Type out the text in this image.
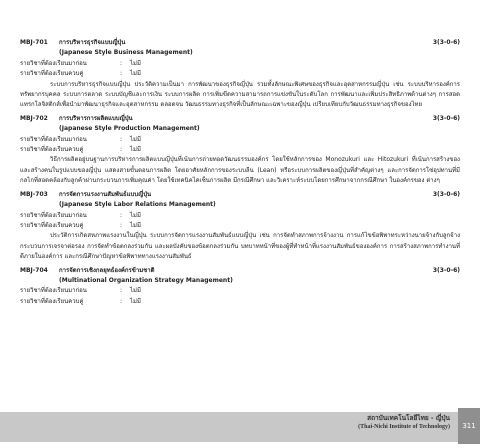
MBJ-701	การบริหารธุรกิจแบบญี่ปุ่น	3(3-0-6)
(Japanese Style Business Management)
รายวิชาที่ต้องเรียนมาก่อน	:	ไม่มี
รายวิชาที่ต้องเรียนควบคู่	:	ไม่มี
ระบบการบริหารธุรกิจแบบญี่ปุ่น ประวัติความเป็นมา การพัฒนาของธุรกิจญี่ปุ่น รวมทั้งลักษณะพิเศษของธุรกิจและอุตสาหกรรมญี่ปุ่น เช่น ระบบบริหารองค์การ ทรัพยากรบุคคล ระบบการตลาด ระบบบัญชีและการเงิน ระบบการผลิต การเพิ่มขีดความสามารถการแข่งขันในระดับโลก การพัฒนาและเพิ่มประสิทธิภาพด้านต่างๆ การสอดแทรกโลจิสติกส์เพื่อนำมาพัฒนาธุรกิจและอุตสาหกรรม ตลอดจน วัฒนธรรมทางธุรกิจที่เป็นลักษณะเฉพาะของญี่ปุ่น เปรียบเทียบกับวัฒนธรรมทางธุรกิจของไทย
MBJ-702	การบริหารการผลิตแบบญี่ปุ่น	3(3-0-6)
(Japanese Style Production Management)
รายวิชาที่ต้องเรียนมาก่อน	:	ไม่มี
รายวิชาที่ต้องเรียนควบคู่	:	ไม่มี
วิธีการผลิตอยู่บนฐานการบริหารการผลิตแบบญี่ปุ่นที่เน้นการถ่ายทอดวัฒนธรรมองค์กร โดยใช้หลักการของ Monozukuri และ Hitozukuri ที่เน้นการสร้างของ และสร้างคนในรูปแบบของญี่ปุ่น แสดงสายขั้นตอนการผลิต โดยอาศัยหลักการของระบบลีน (Lean) หรือระบบการผลิตของญี่ปุ่นที่สำคัญต่างๆ และการจัดการโซ่อุปทานที่มีกลไกที่สอดคล้องกับลูกค้าผ่านกระบวนการเพิ่มคุณค่า โดยใช้เทคนิคไคเซ็นการผลิต มีกรณีศึกษา และวิเคราะห์ระบบโดยการศึกษาจากกรณีศึกษา ในองค์กรของ ต่างๆ
MBJ-703	การจัดการแรงงานสัมพันธ์แบบญี่ปุ่น	3(3-0-6)
(Japanese Style Labor Relations Management)
รายวิชาที่ต้องเรียนมาก่อน	:	ไม่มี
รายวิชาที่ต้องเรียนควบคู่	:	ไม่มี
ประวัติการเกิดสหภาพแรงงานในญี่ปุ่น ระบบการจัดการแรงงานสัมพันธ์แบบญี่ปุ่น เช่น การจัดทำสภาพการจ้างงาน การแก้ไขข้อพิพาทระหว่างนายจ้างกับลูกจ้าง กระบวนการเจรจาต่อรอง การจัดทำข้อตกลงร่วมกัน และผลบังคับของข้อตกลงร่วมกัน บทบาทหน้าที่ของผู้ที่ทำหน้าที่แรงงานสัมพันธ์ขององค์การ การสร้างสภาพการทำงานที่ดีภายในองค์การ และกรณีศึกษาปัญหาข้อพิพาททางแรงงานสัมพันธ์
MBJ-704	การจัดการเชิงกลยุทธ์องค์กรข้ามชาติ	3(3-0-6)
(Multinational Organization Strategy Management)
รายวิชาที่ต้องเรียนมาก่อน	:	ไม่มี
รายวิชาที่ต้องเรียนควบคู่	:	ไม่มี
สถาบันเทคโนโลยีไทย - ญี่ปุ่น
(Thai-Nichi Institute of Technology)	311
